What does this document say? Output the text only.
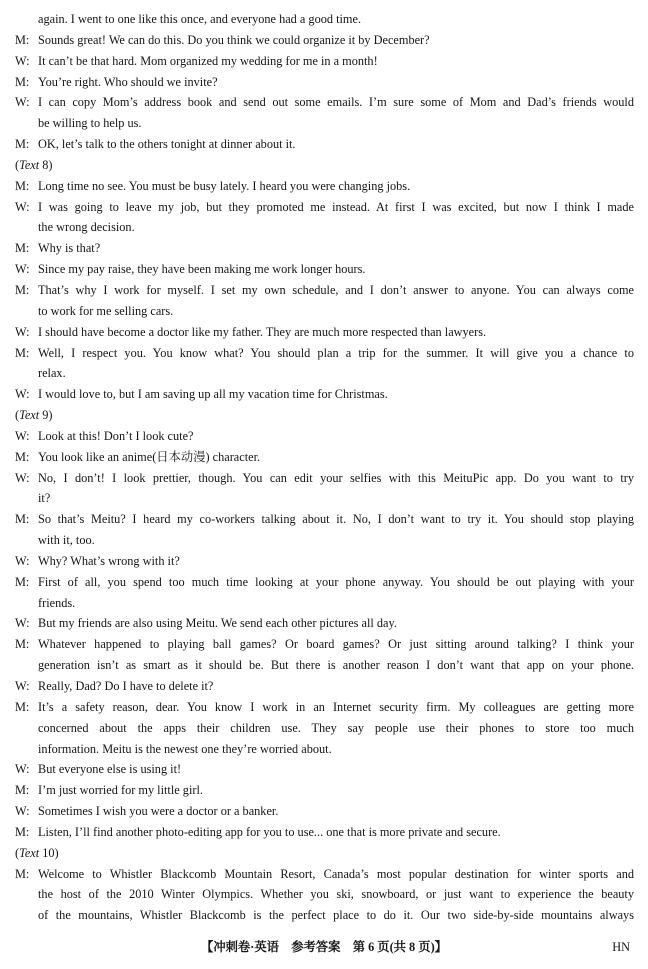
again. I went to one like this once, and everyone had a good time.
M: Sounds great! We can do this. Do you think we could organize it by December?
W: It can’t be that hard. Mom organized my wedding for me in a month!
M: You’re right. Who should we invite?
W: I can copy Mom’s address book and send out some emails. I’m sure some of Mom and Dad’s friends would
be willing to help us.
M: OK, let’s talk to the others tonight at dinner about it.
(Text 8)
M: Long time no see. You must be busy lately. I heard you were changing jobs.
W: I was going to leave my job, but they promoted me instead. At first I was excited, but now I think I made
the wrong decision.
M: Why is that?
W: Since my pay raise, they have been making me work longer hours.
M: That’s why I work for myself. I set my own schedule, and I don’t answer to anyone. You can always come
to work for me selling cars.
W: I should have become a doctor like my father. They are much more respected than lawyers.
M: Well, I respect you. You know what? You should plan a trip for the summer. It will give you a chance to
relax.
W: I would love to, but I am saving up all my vacation time for Christmas.
(Text 9)
W: Look at this! Don’t I look cute?
M: You look like an anime(日本动漫) character.
W: No, I don’t! I look prettier, though. You can edit your selfies with this MeituPic app. Do you want to try
it?
M: So that’s Meitu? I heard my co-workers talking about it. No, I don’t want to try it. You should stop playing
with it, too.
W: Why? What’s wrong with it?
M: First of all, you spend too much time looking at your phone anyway. You should be out playing with your
friends.
W: But my friends are also using Meitu. We send each other pictures all day.
M: Whatever happened to playing ball games? Or board games? Or just sitting around talking? I think your
generation isn’t as smart as it should be. But there is another reason I don’t want that app on your phone.
W: Really, Dad? Do I have to delete it?
M: It’s a safety reason, dear. You know I work in an Internet security firm. My colleagues are getting more
concerned about the apps their children use. They say people use their phones to store too much
information. Meitu is the newest one they’re worried about.
W: But everyone else is using it!
M: I’m just worried for my little girl.
W: Sometimes I wish you were a doctor or a banker.
M: Listen, I’ll find another photo-editing app for you to use... one that is more private and secure.
(Text 10)
M: Welcome to Whistler Blackcomb Mountain Resort, Canada’s most popular destination for winter sports and
the host of the 2010 Winter Olympics. Whether you ski, snowboard, or just want to experience the beauty
of the mountains, Whistler Blackcomb is the perfect place to do it. Our two side-by-side mountains always
【冲刺卷·英语　参考答案　第 6 页(共 8 页)】	HN
